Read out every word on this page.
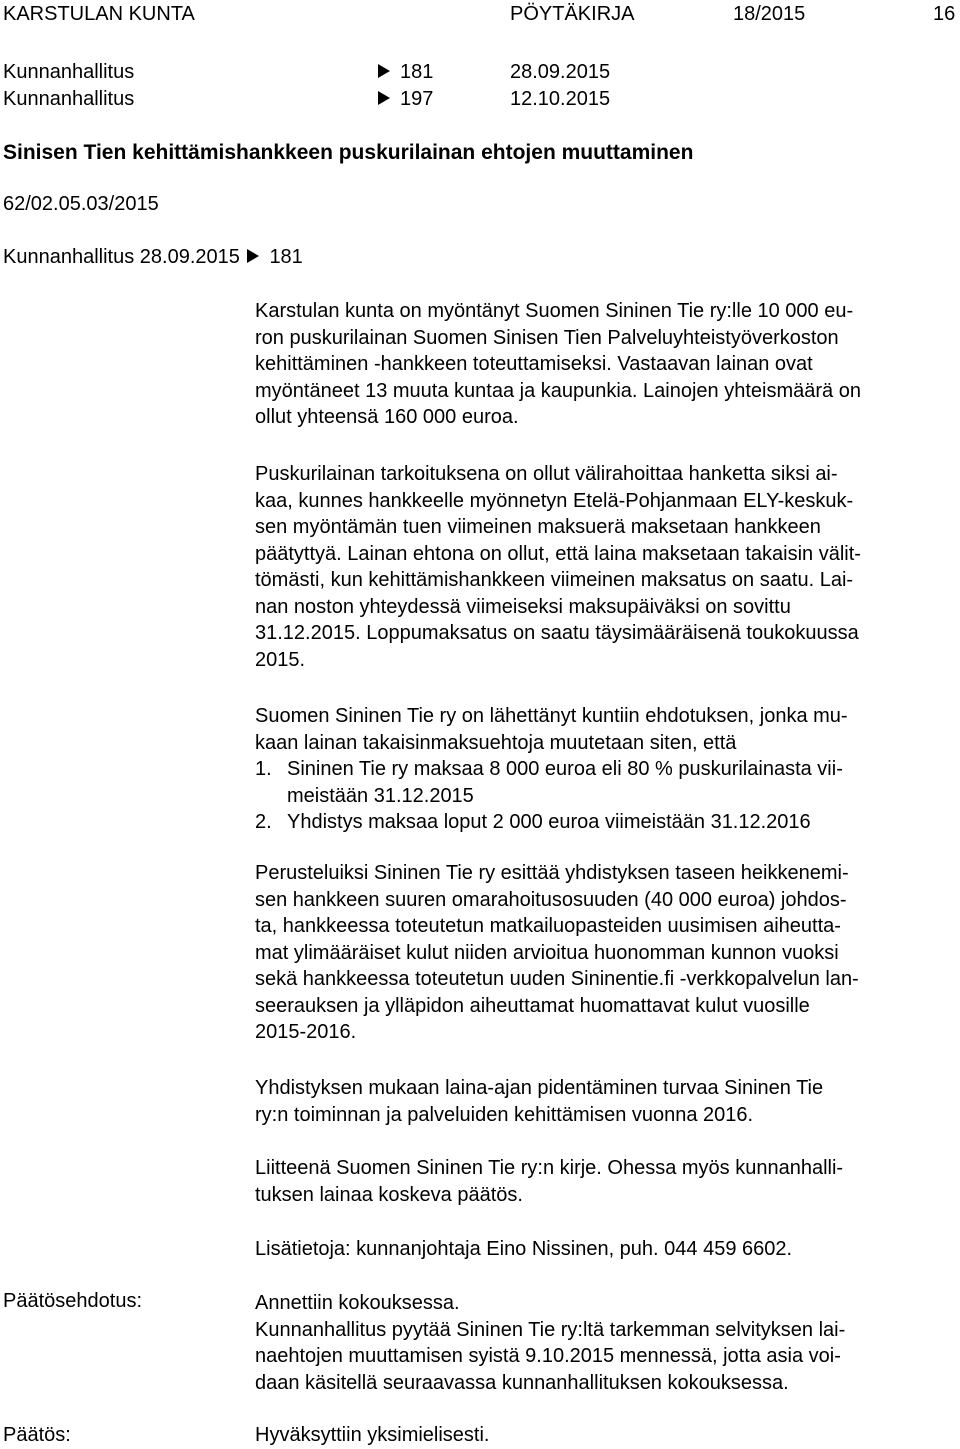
KARSTULAN KUNTA	PÖYTÄKIRJA	18/2015	16
Kunnanhallitus	181	28.09.2015
Kunnanhallitus	197	12.10.2015
Sinisen Tien kehittämishankkeen puskurilainan ehtojen muuttaminen
62/02.05.03/2015
Kunnanhallitus 28.09.2015 181
Karstulan kunta on myöntänyt Suomen Sininen Tie ry:lle 10 000 eu-
ron puskurilainan Suomen Sinisen Tien Palveluyhteistyöverkoston
kehittäminen -hankkeen toteuttamiseksi. Vastaavan lainan ovat
myöntäneet 13 muuta kuntaa ja kaupunkia. Lainojen yhteismäärä on
ollut yhteensä 160 000 euroa.
Puskurilainan tarkoituksena on ollut välirahoittaa hanketta siksi ai-
kaa, kunnes hankkeelle myönnetyn Etelä-Pohjanmaan ELY-keskuk-
sen myöntämän tuen viimeinen maksuerä maksetaan hankkeen
päätyttyä. Lainan ehtona on ollut, että laina maksetaan takaisin välit-
tömästi, kun kehittämishankkeen viimeinen maksatus on saatu. Lai-
nan noston yhteydessä viimeiseksi maksupäiväksi on sovittu
31.12.2015. Loppumaksatus on saatu täysimääräisenä toukokuussa
2015.
Suomen Sininen Tie ry on lähettänyt kuntiin ehdotuksen, jonka mu-
kaan lainan takaisinmaksuehtoja muutetaan siten, että
1. Sininen Tie ry maksaa 8 000 euroa eli 80 % puskurilainasta vii-
meistään 31.12.2015
2. Yhdistys maksaa loput 2 000 euroa viimeistään 31.12.2016
Perusteluiksi Sininen Tie ry esittää yhdistyksen taseen heikkenemi-
sen hankkeen suuren omarahoitusosuuden (40 000 euroa) johdos-
ta, hankkeessa toteutetun matkailuopasteiden uusimisen aiheutta-
mat ylimääräiset kulut niiden arvioitua huonomman kunnon vuoksi
sekä hankkeessa toteutetun uuden Sininentie.fi -verkkopalvelun lan-
seerauksen ja ylläpidon aiheuttamat huomattavat kulut vuosille
2015-2016.
Yhdistyksen mukaan laina-ajan pidentäminen turvaa Sininen Tie
ry:n toiminnan ja palveluiden kehittämisen vuonna 2016.
Liitteenä Suomen Sininen Tie ry:n kirje. Ohessa myös kunnanhalli-
tuksen lainaa koskeva päätös.
Lisätietoja: kunnanjohtaja Eino Nissinen, puh. 044 459 6602.
Päätösehdotus:	Annettiin kokouksessa.
Kunnanhallitus pyytää Sininen Tie ry:ltä tarkemman selvityksen lai-
naehtojen muuttamisen syistä 9.10.2015 mennessä, jotta asia voi-
daan käsitellä seuraavassa kunnanhallituksen kokouksessa.
Päätös:	Hyväksyttiin yksimielisesti.
